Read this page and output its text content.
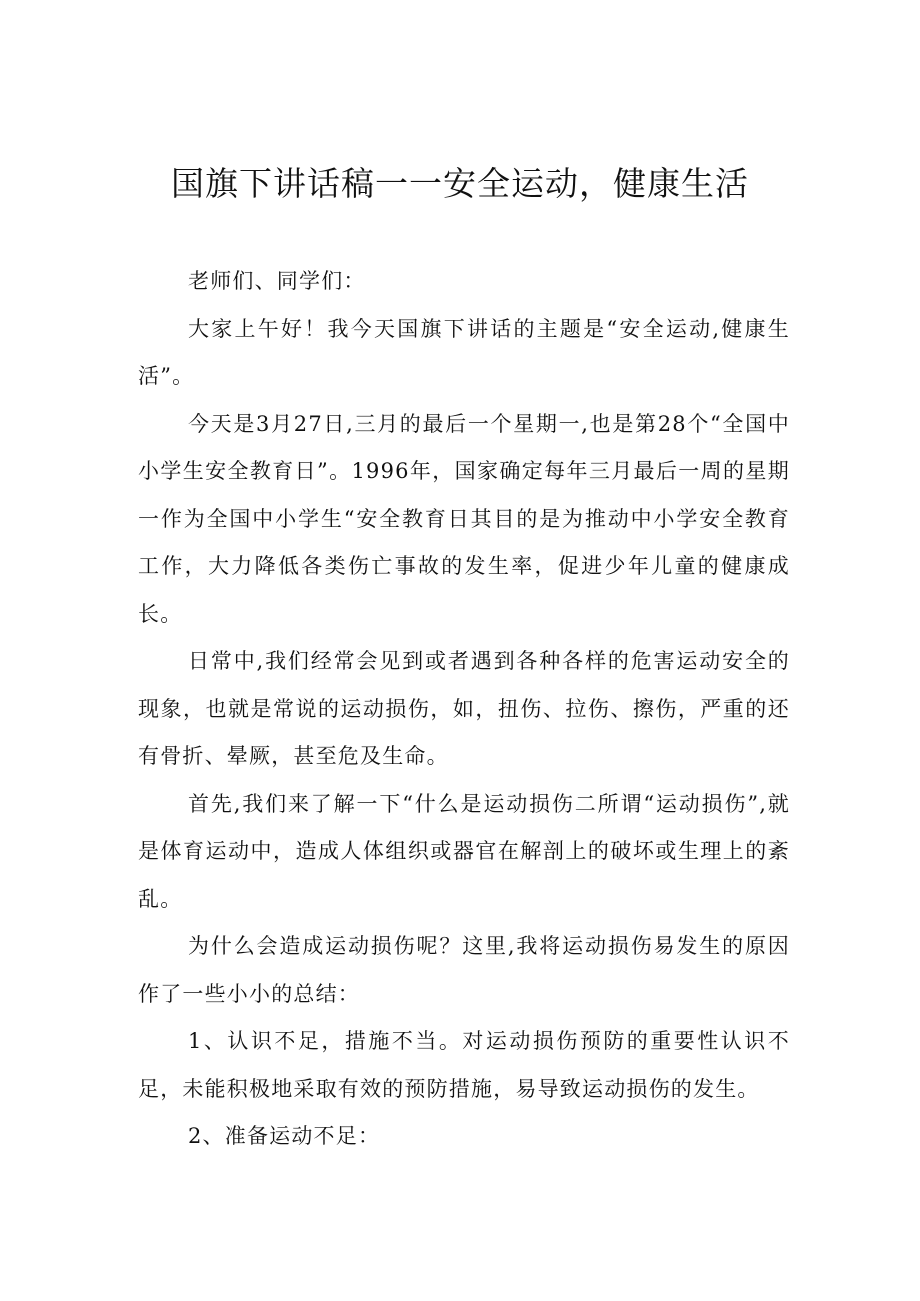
国旗下讲话稿一一安全运动，健康生活

老师们、同学们：

大家上午好！我今天国旗下讲话的主题是“安全运动,健康生活”。

今天是3月27日,三月的最后一个星期一,也是第28个“全国中小学生安全教育日”。1996年，国家确定每年三月最后一周的星期一作为全国中小学生“安全教育日其目的是为推动中小学安全教育工作，大力降低各类伤亡事故的发生率，促进少年儿童的健康成长。

日常中,我们经常会见到或者遇到各种各样的危害运动安全的现象，也就是常说的运动损伤，如，扭伤、拉伤、擦伤，严重的还有骨折、晕厥，甚至危及生命。

首先,我们来了解一下“什么是运动损伤二所谓“运动损伤”,就是体育运动中，造成人体组织或器官在解剖上的破坏或生理上的紊乱。

为什么会造成运动损伤呢？这里,我将运动损伤易发生的原因作了一些小小的总结：

1、认识不足，措施不当。对运动损伤预防的重要性认识不足，未能积极地采取有效的预防措施，易导致运动损伤的发生。

2、准备运动不足：
